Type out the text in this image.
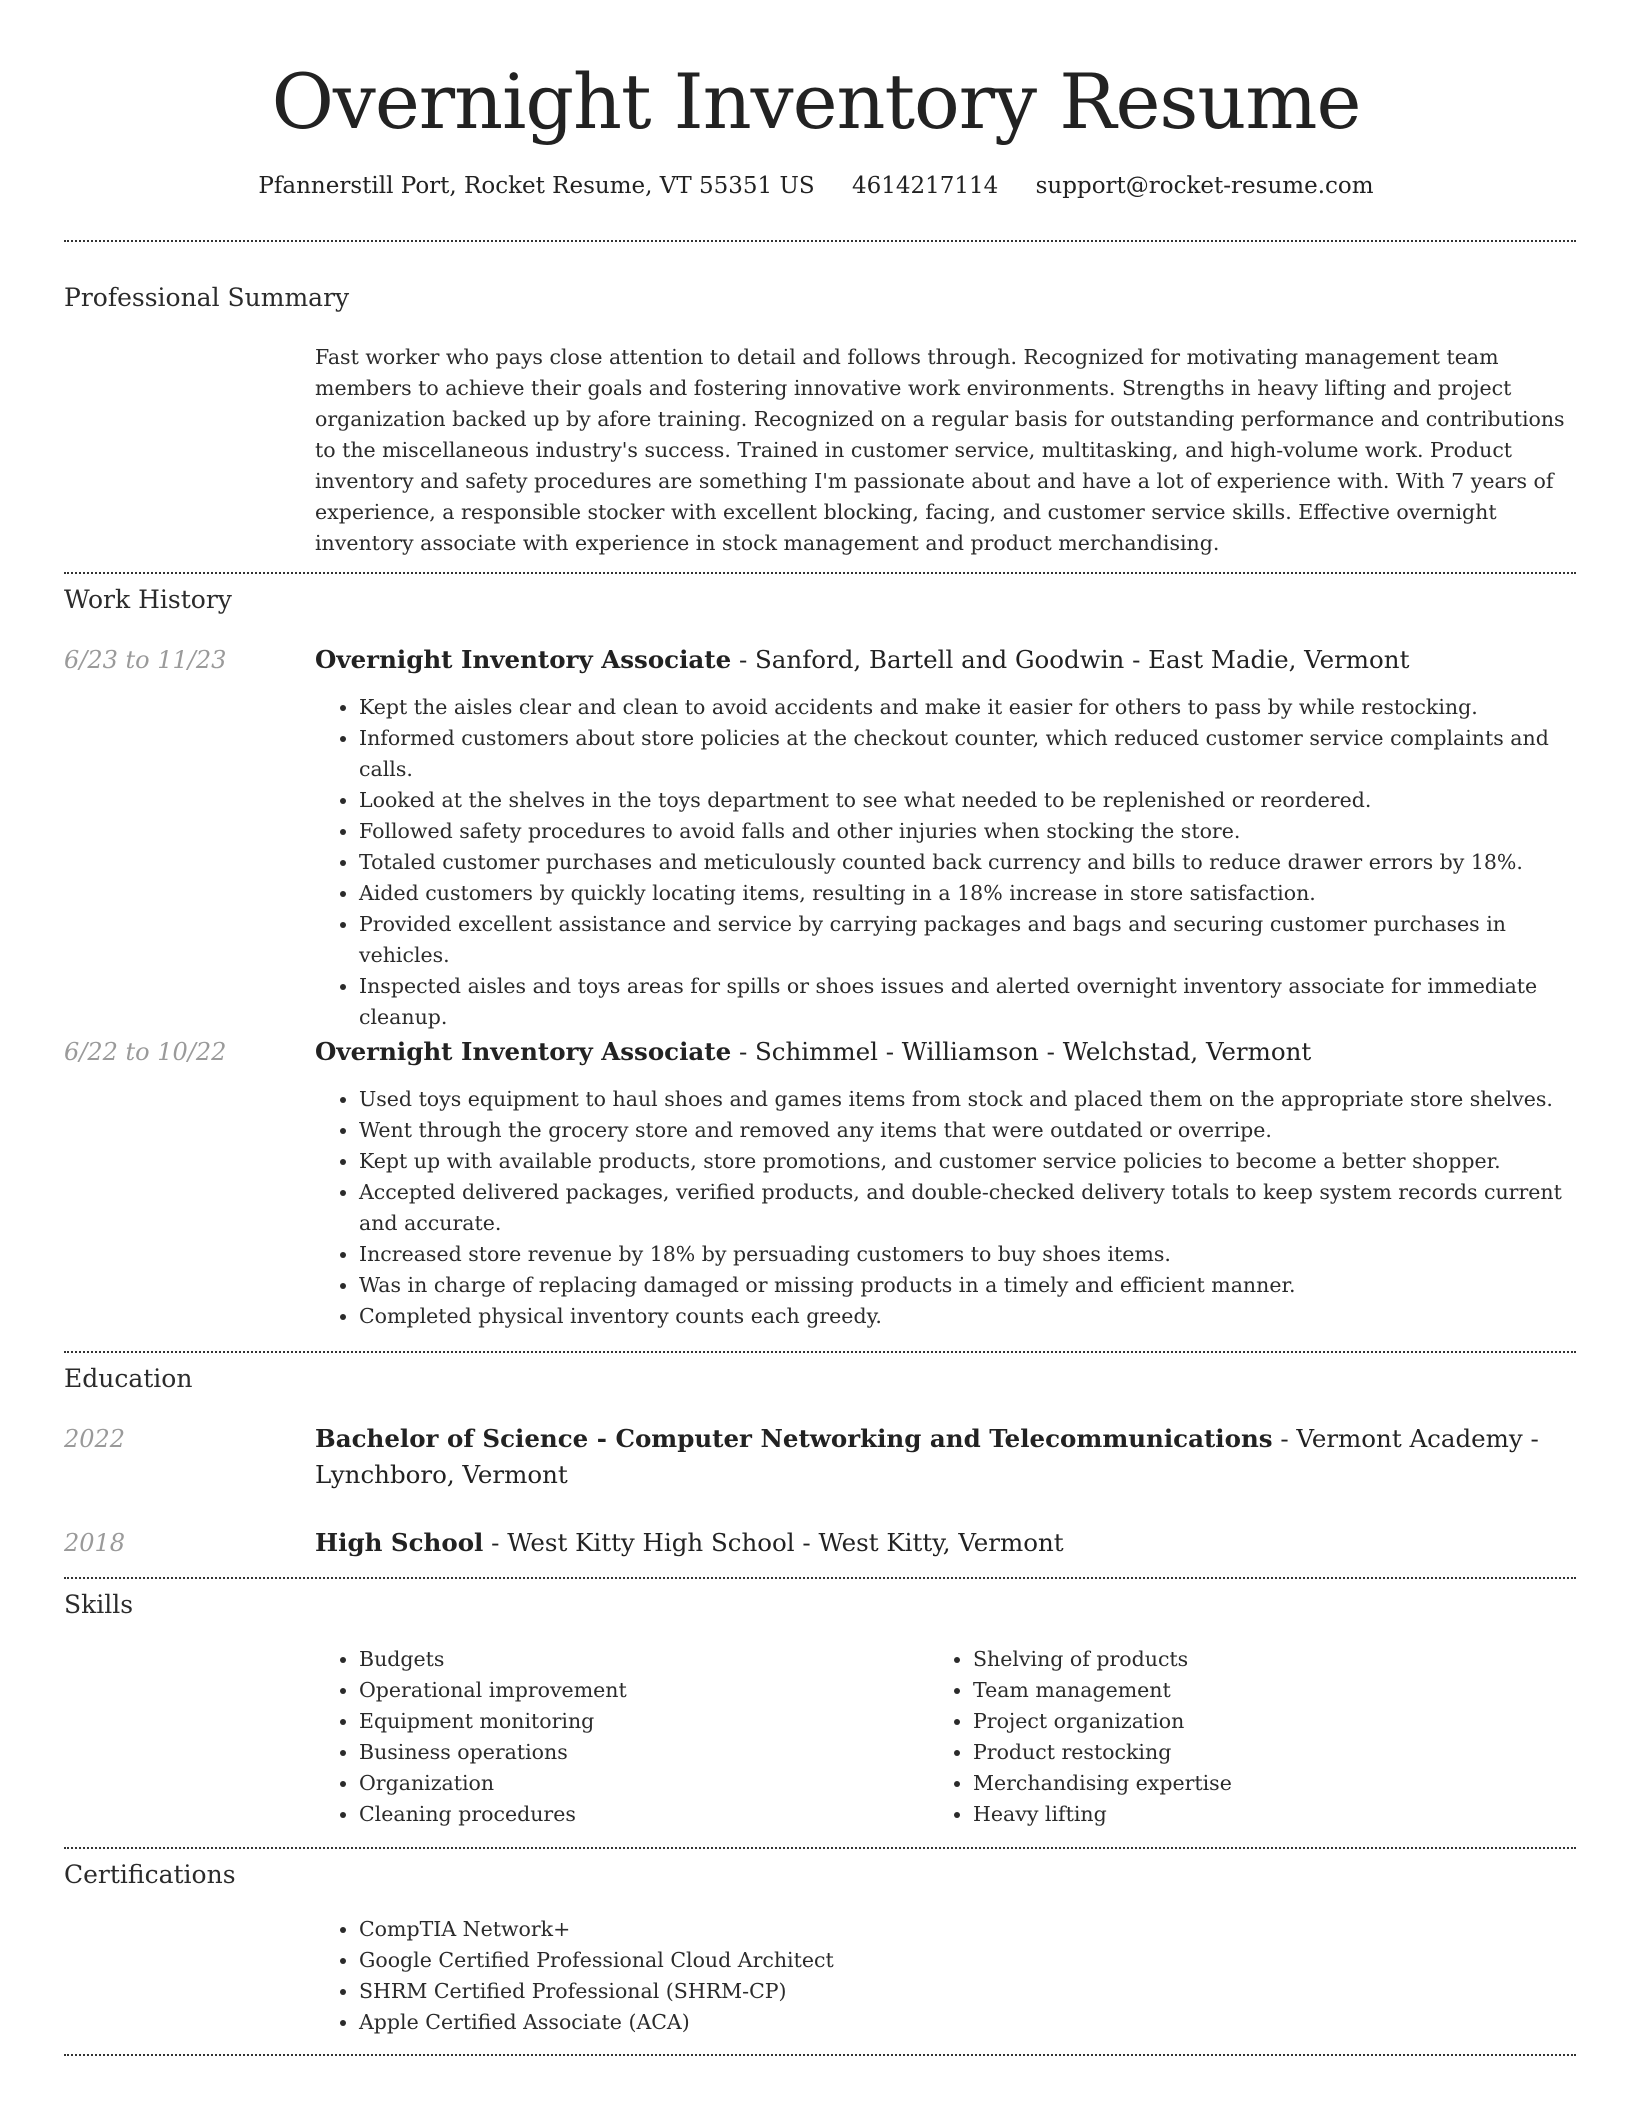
Overnight Inventory Resume
Pfannerstill Port, Rocket Resume, VT 55351 US 4614217114 support@rocket-resume.com
Professional Summary

Fast worker who pays close attention to detail and follows through. Recognized for motivating management team members to achieve their goals and fostering innovative work environments. Strengths in heavy lifting and project organization backed up by afore training. Recognized on a regular basis for outstanding performance and contributions to the miscellaneous industry's success. Trained in customer service, multitasking, and high-volume work. Product inventory and safety procedures are something I'm passionate about and have a lot of experience with. With 7 years of experience, a responsible stocker with excellent blocking, facing, and customer service skills. Effective overnight inventory associate with experience in stock management and product merchandising.

Work History
6/23 to 11/23	Overnight Inventory Associate - Sanford, Bartell and Goodwin - East Madie, Vermont
• Kept the aisles clear and clean to avoid accidents and make it easier for others to pass by while restocking.
• Informed customers about store policies at the checkout counter, which reduced customer service complaints and calls.
• Looked at the shelves in the toys department to see what needed to be replenished or reordered.
• Followed safety procedures to avoid falls and other injuries when stocking the store.
• Totaled customer purchases and meticulously counted back currency and bills to reduce drawer errors by 18%.
• Aided customers by quickly locating items, resulting in a 18% increase in store satisfaction.
• Provided excellent assistance and service by carrying packages and bags and securing customer purchases in vehicles.
• Inspected aisles and toys areas for spills or shoes issues and alerted overnight inventory associate for immediate cleanup.
6/22 to 10/22	Overnight Inventory Associate - Schimmel - Williamson - Welchstad, Vermont
• Used toys equipment to haul shoes and games items from stock and placed them on the appropriate store shelves.
• Went through the grocery store and removed any items that were outdated or overripe.
• Kept up with available products, store promotions, and customer service policies to become a better shopper.
• Accepted delivered packages, verified products, and double-checked delivery totals to keep system records current and accurate.
• Increased store revenue by 18% by persuading customers to buy shoes items.
• Was in charge of replacing damaged or missing products in a timely and efficient manner.
• Completed physical inventory counts each greedy.
Education
2022	Bachelor of Science - Computer Networking and Telecommunications - Vermont Academy - Lynchboro, Vermont
2018	High School - West Kitty High School - West Kitty, Vermont
Skills
• Budgets
• Operational improvement
• Equipment monitoring
• Business operations
• Organization
• Cleaning procedures
• Shelving of products
• Team management
• Project organization
• Product restocking
• Merchandising expertise
• Heavy lifting
Certifications
• CompTIA Network+
• Google Certified Professional Cloud Architect
• SHRM Certified Professional (SHRM-CP)
• Apple Certified Associate (ACA)
